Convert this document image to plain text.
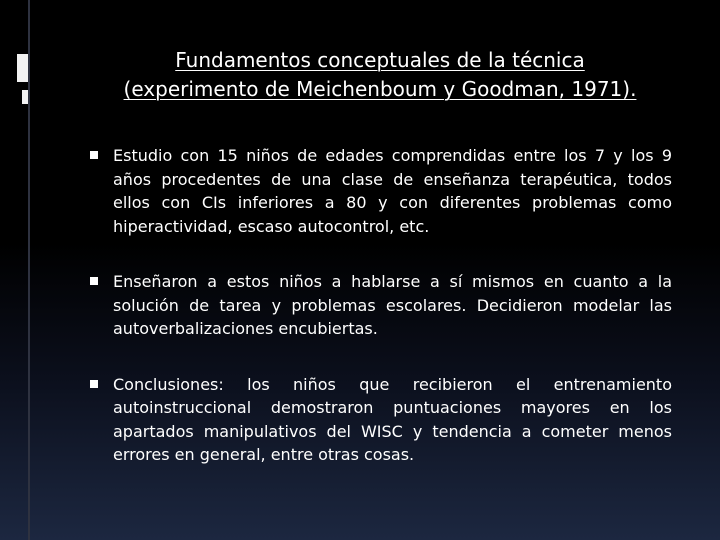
Fundamentos conceptuales de la técnica
(experimento de Meichenboum y Goodman, 1971).
Estudio con 15 niños de edades comprendidas entre los 7 y los 9 años procedentes de una clase de enseñanza terapéutica, todos ellos con CIs inferiores a 80 y con diferentes problemas como hiperactividad, escaso autocontrol, etc.
Enseñaron a estos niños a hablarse a sí mismos en cuanto a la solución de tarea y problemas escolares. Decidieron modelar las autoverbalizaciones encubiertas.
Conclusiones: los niños que recibieron el entrenamiento autoinstruccional demostraron puntuaciones mayores en los apartados manipulativos del WISC y tendencia a cometer menos errores en general, entre otras cosas.
